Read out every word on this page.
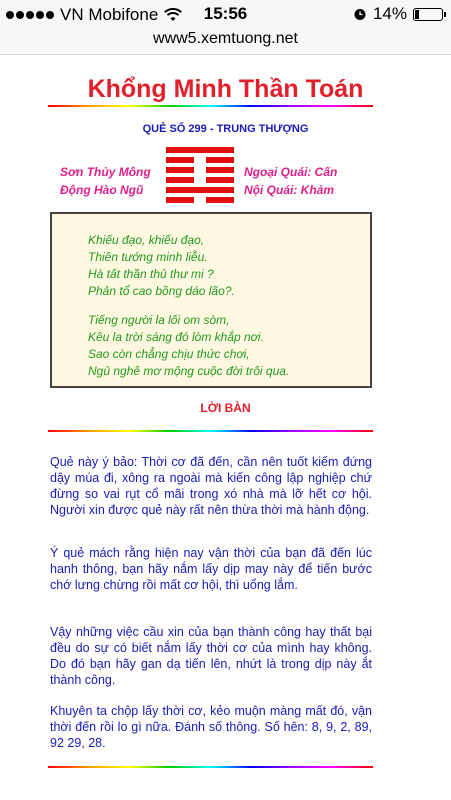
VN Mobifone	15:56	14%
www5.xemtuong.net
Khổng Minh Thần Toán
QUẺ SỐ 299 - TRUNG THƯỢNG
Sơn Thủy Mông
Động Hào Ngũ
Ngoại Quái: Cấn
Nội Quái: Khảm
Khiếu đạo, khiếu đạo,
Thiên tướng minh liễu.
Hà tất thần thủ thư mi ?
Phản tổ cao bồng dáo lão?.
Tiếng người la lối om sòm,
Kêu la trời sáng đó lòm khắp nơi.
Sao còn chẳng chịu thức chơi,
Ngủ nghê mơ mộng cuộc đời trôi qua.
LỜI BÀN
Quẻ này ý bảo: Thời cơ đã đến, cần nên tuốt kiếm đứng dậy múa đi, xông ra ngoài mà kiến công lập nghiệp chứ đừng so vai rụt cổ mãi trong xó nhà mà lỡ hết cơ hội. Người xin được quẻ này rất nên thừa thời mà hành động.
Ý quẻ mách rằng hiện nay vận thời của bạn đã đến lúc hanh thông, bạn hãy nắm lấy dịp may này để tiến bước chớ lưng chừng rồi mất cơ hội, thì uổng lắm.
Vậy những việc cầu xin của bạn thành công hay thất bại đều do sự có biết nắm lấy thời cơ của mình hay không. Do đó bạn hãy gan dạ tiến lên, nhứt là trong dịp này ắt thành công.
Khuyên ta chộp lấy thời cơ, kẻo muộn màng mất đó, vận thời đến rồi lo gì nữa. Đánh số thông. Số hên: 8, 9, 2, 89, 92 29, 28.
